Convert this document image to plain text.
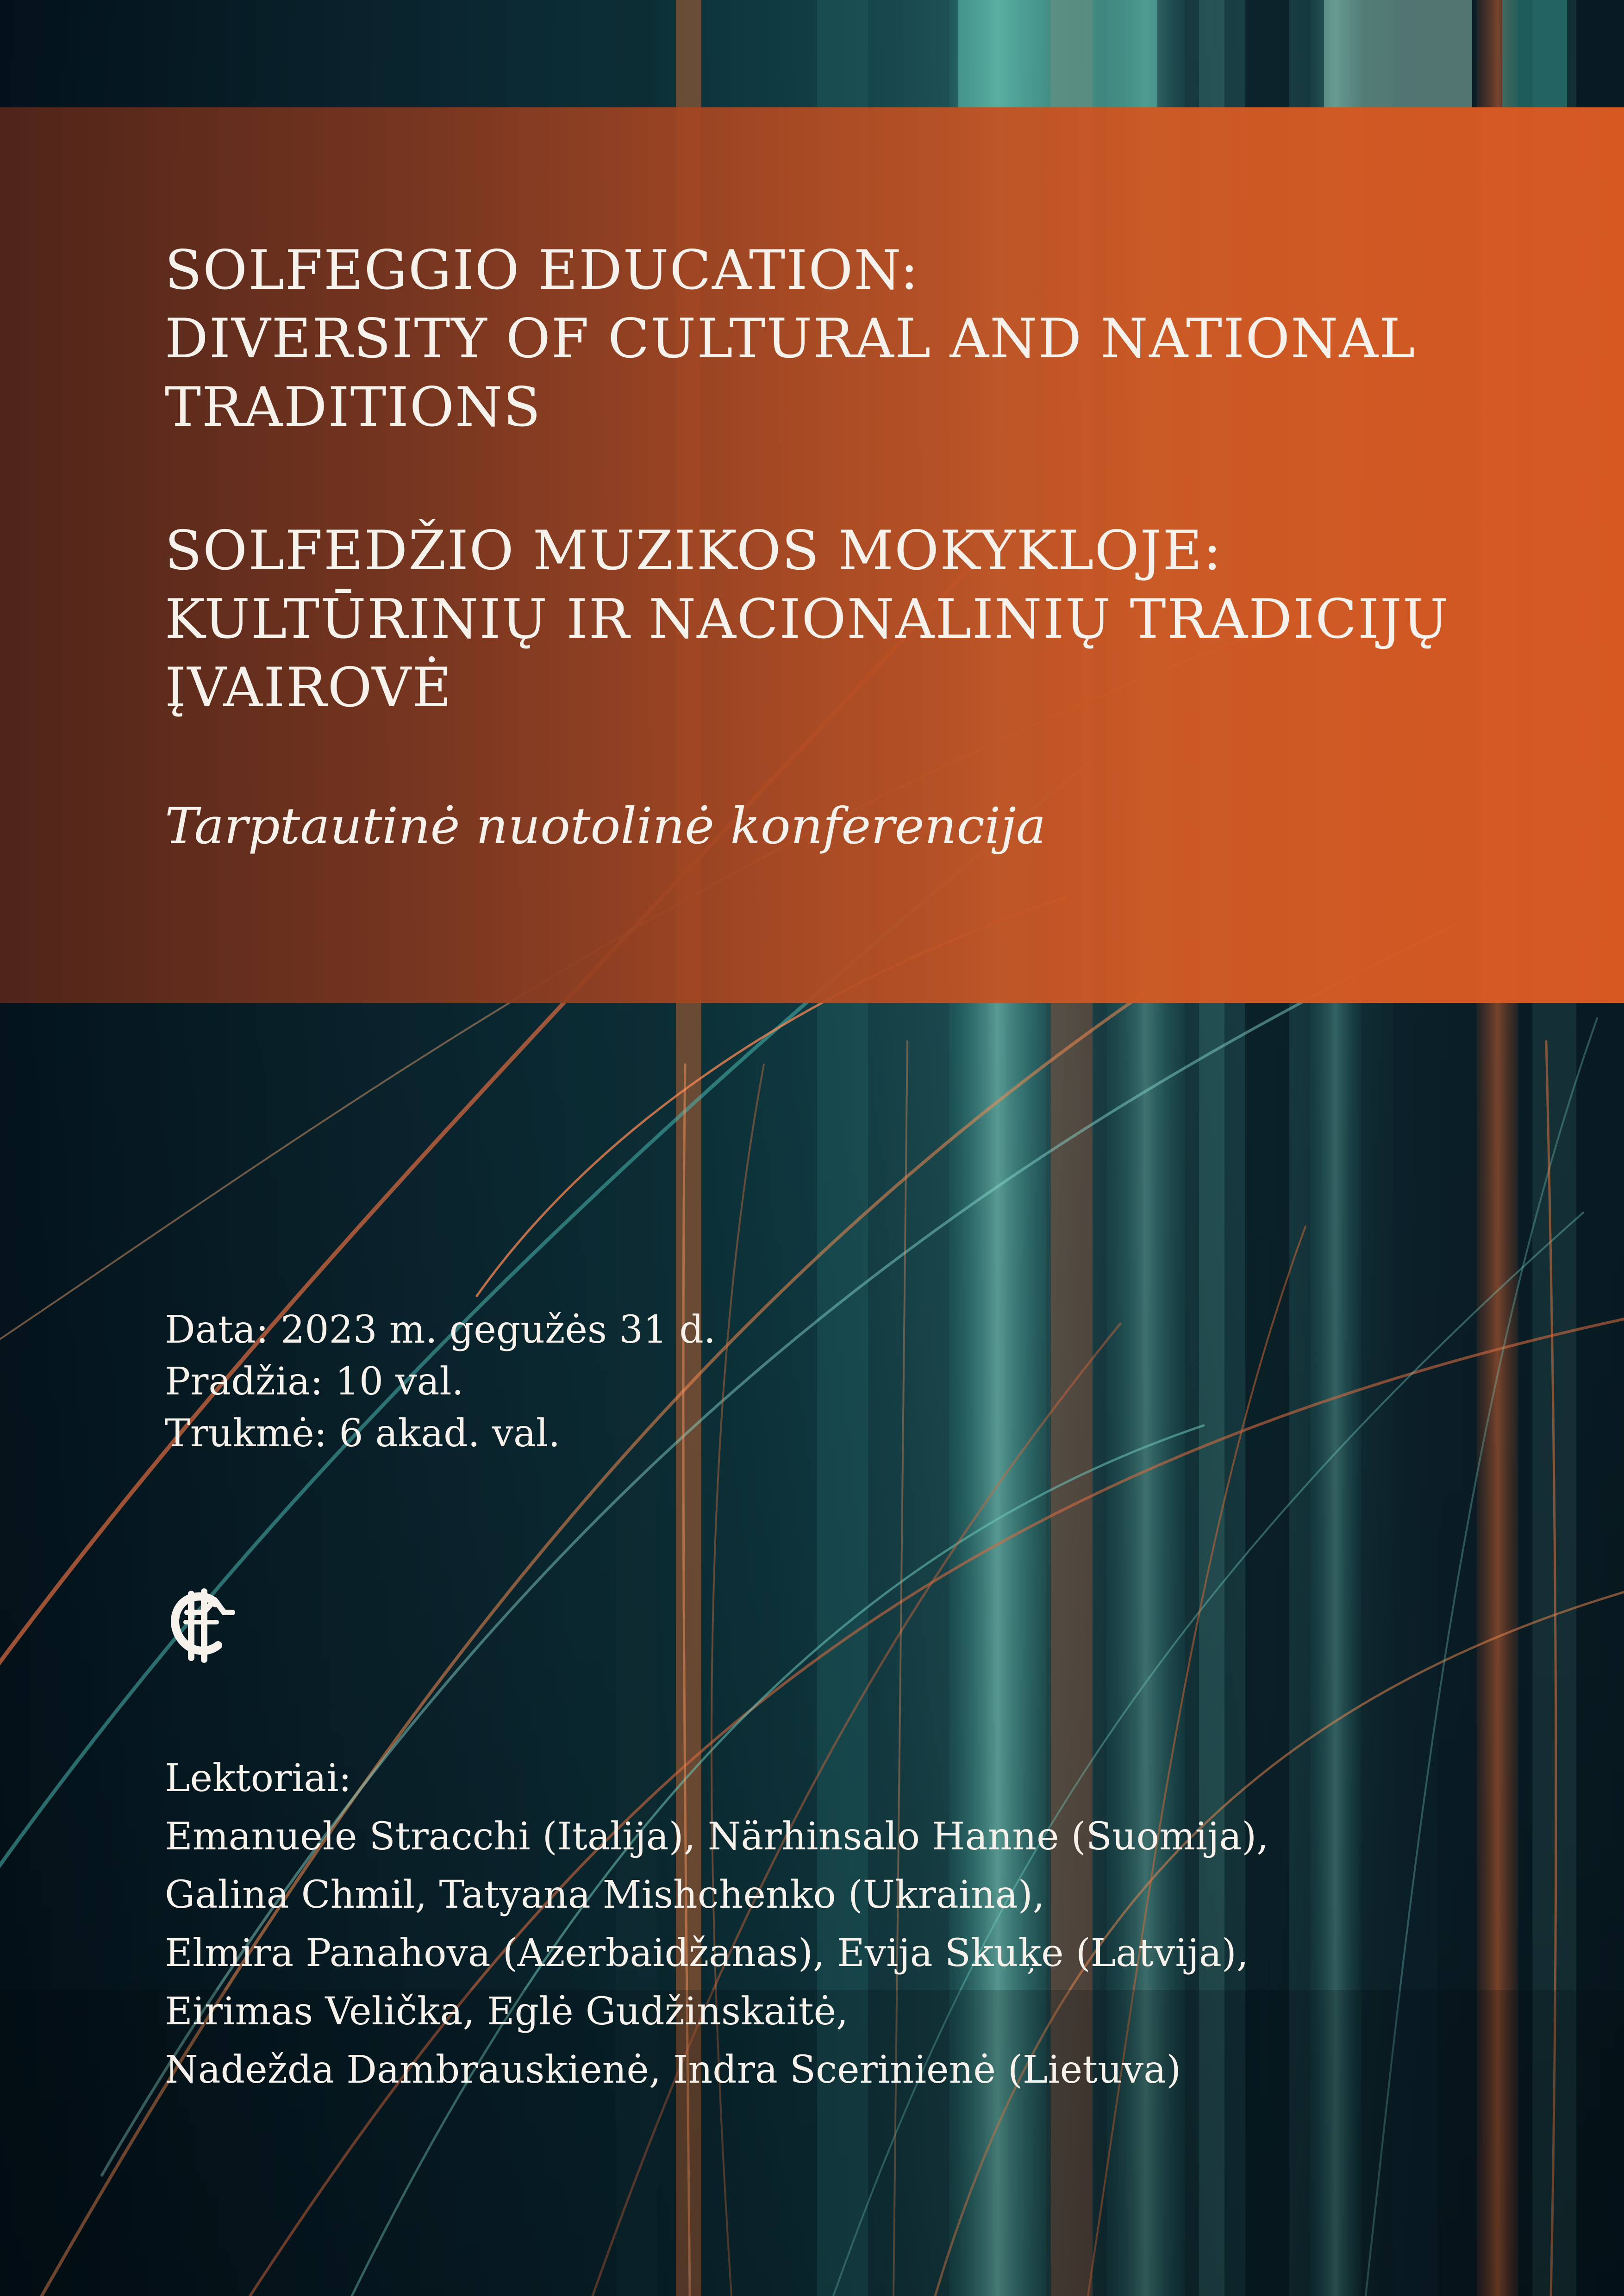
SOLFEGGIO EDUCATION:
DIVERSITY OF CULTURAL AND NATIONAL
TRADITIONS
SOLFEDŽIO MUZIKOS MOKYKLOJE:
KULTŪRINIŲ IR NACIONALINIŲ TRADICIJŲ
ĮVAIROVĖ
Tarptautinė nuotolinė konferencija
Data: 2023 m. gegužės 31 d.
Pradžia: 10 val.
Trukmė: 6 akad. val.
Lektoriai:
Emanuele Stracchi (Italija), Närhinsalo Hanne (Suomija),
Galina Chmil, Tatyana Mishchenko (Ukraina),
Elmira Panahova (Azerbaidžanas), Evija Skuķe (Latvija),
Eirimas Velička, Eglė Gudžinskaitė,
Nadežda Dambrauskienė, Indra Scerinienė (Lietuva)
